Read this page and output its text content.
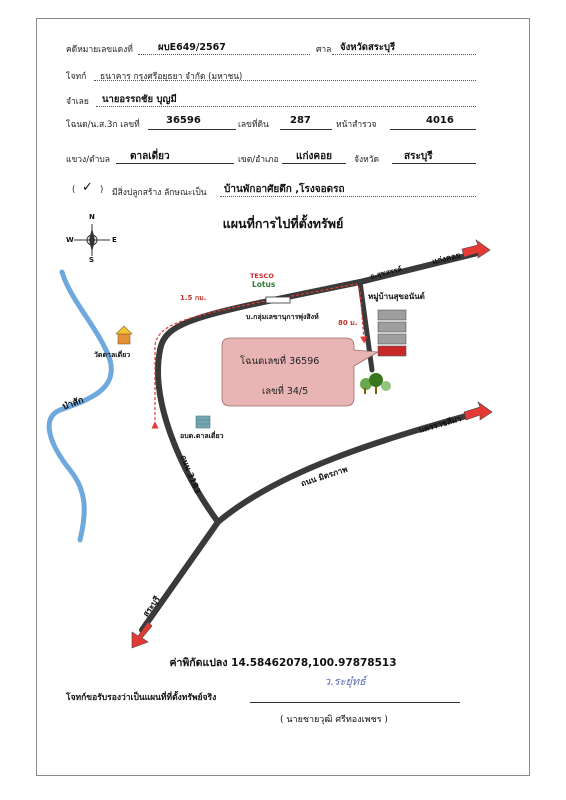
คดีหมายเลขแดงที่	ผบE649/2567	ศาล จังหวัดสระบุรี
โจทก์ ธนาคาร กรุงศรีอยุธยา จำกัด (มหาชน)
จำเลย นายอรรถชัย บุญมี
โฉนด/น.ส.3ก เลขที่	36596	เลขที่ดิน 287	หน้าสำรวจ	4016
แขวง/ตำบล ตาลเดี่ยว	เขต/อำเภอ แก่งคอย	จังหวัด สระบุรี
( ✓ ) มีสิ่งปลูกสร้าง ลักษณะเป็น บ้านพักอาศัยตึก ,โรงจอดรถ
แผนที่การไปที่ตั้งทรัพย์
N
S
E
W
TESCO
Lotus
1.5 กม.
80 ม.
ถ.สุขสรรค์
หมู่บ้านสุขอนันต์
บ.กลุ่มเลขานุการพุ่งสิงห์
วัดตาลเดี่ยว
ป่าสัก
อบต.ตาลเดี่ยว
ถนน 3183	ถนน มิตรภาพ
แก่งคอย
นครราชสีมา
สระบุรี
โฉนดเลขที่ 36596
เลขที่ 34/5
ค่าพิกัดแปลง 14.58462078,100.97878513
โจทก์ขอรับรองว่าเป็นแผนที่ที่ตั้งทรัพย์จริง
ว.ระยุ๋ทธ์
( นายชายวุฒิ ศรีทองเพชร )
